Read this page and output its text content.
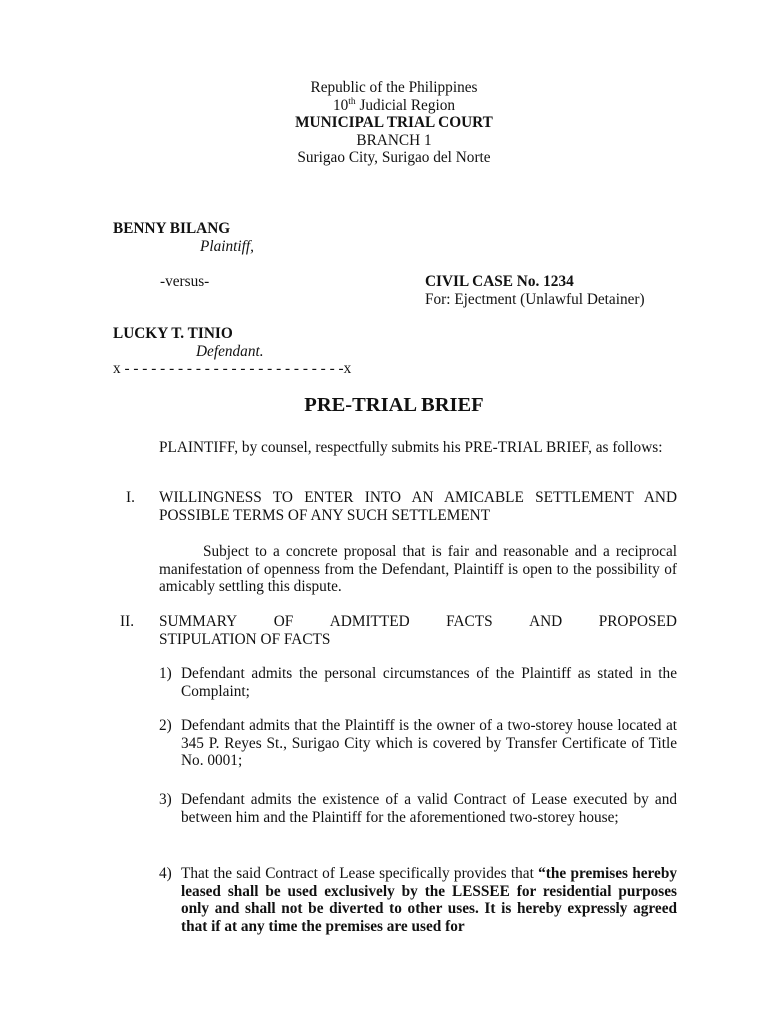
Republic of the Philippines
10th Judicial Region
MUNICIPAL TRIAL COURT
BRANCH 1
Surigao City, Surigao del Norte
BENNY BILANG
Plaintiff,
-versus-	CIVIL CASE No. 1234
For: Ejectment (Unlawful Detainer)
LUCKY T. TINIO
Defendant.
x - - - - - - - - - - - - - - - - - - - - - - - - -x
PRE-TRIAL BRIEF
PLAINTIFF, by counsel, respectfully submits his PRE-TRIAL BRIEF, as follows:
I. WILLINGNESS TO ENTER INTO AN AMICABLE SETTLEMENT AND POSSIBLE TERMS OF ANY SUCH SETTLEMENT
Subject to a concrete proposal that is fair and reasonable and a reciprocal manifestation of openness from the Defendant, Plaintiff is open to the possibility of amicably settling this dispute.
II. SUMMARY OF ADMITTED FACTS AND PROPOSED
STIPULATION OF FACTS
1) Defendant admits the personal circumstances of the Plaintiff as stated in the Complaint;
2) Defendant admits that the Plaintiff is the owner of a two-storey house located at 345 P. Reyes St., Surigao City which is covered by Transfer Certificate of Title No. 0001;
3) Defendant admits the existence of a valid Contract of Lease executed by and between him and the Plaintiff for the aforementioned two-storey house;
4) That the said Contract of Lease specifically provides that “the premises hereby leased shall be used exclusively by the LESSEE for residential purposes only and shall not be diverted to other uses. It is hereby expressly agreed that if at any time the premises are used for
